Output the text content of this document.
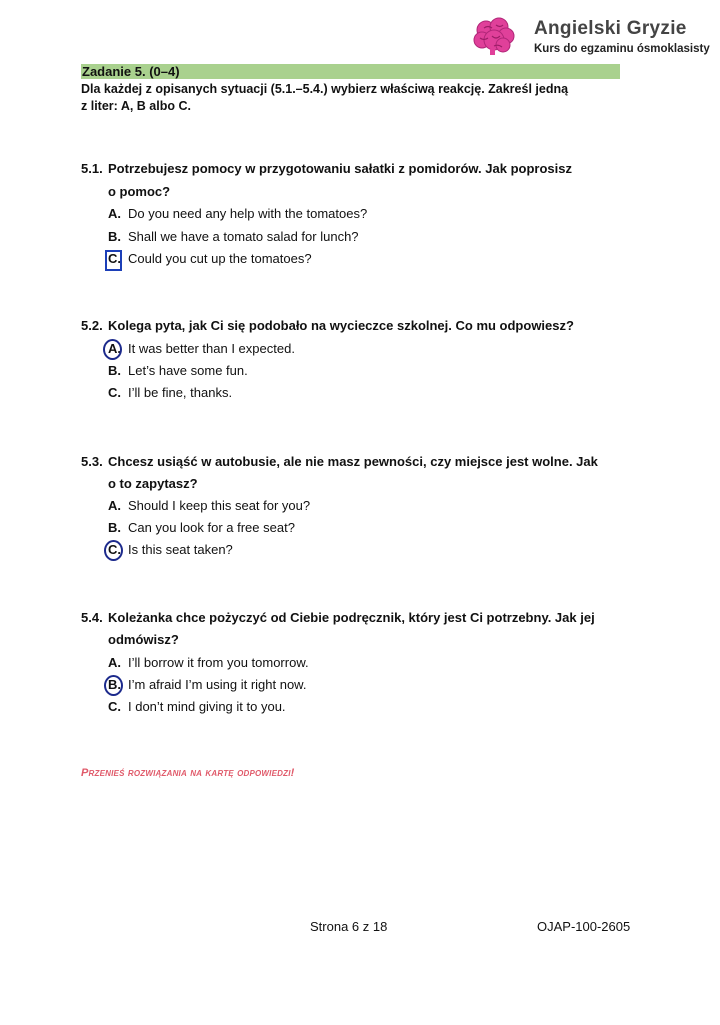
Angielski Gryzie
Kurs do egzaminu ósmoklasisty
Zadanie 5. (0–4)
Dla każdej z opisanych sytuacji (5.1.–5.4.) wybierz właściwą reakcję. Zakreśl jedną
z liter: A, B albo C.
5.1. Potrzebujesz pomocy w przygotowaniu sałatki z pomidorów. Jak poprosisz
o pomoc?
A. Do you need any help with the tomatoes?
B. Shall we have a tomato salad for lunch?
C. Could you cut up the tomatoes?
5.2. Kolega pyta, jak Ci się podobało na wycieczce szkolnej. Co mu odpowiesz?
A. It was better than I expected.
B. Let’s have some fun.
C. I’ll be fine, thanks.
5.3. Chcesz usiąść w autobusie, ale nie masz pewności, czy miejsce jest wolne. Jak
o to zapytasz?
A. Should I keep this seat for you?
B. Can you look for a free seat?
C. Is this seat taken?
5.4. Koleżanka chce pożyczyć od Ciebie podręcznik, który jest Ci potrzebny. Jak jej
odmówisz?
A. I’ll borrow it from you tomorrow.
B. I’m afraid I’m using it right now.
C. I don’t mind giving it to you.
Przenieś rozwiązania na kartę odpowiedzi!
Strona 6 z 18	OJAP-100-2605
